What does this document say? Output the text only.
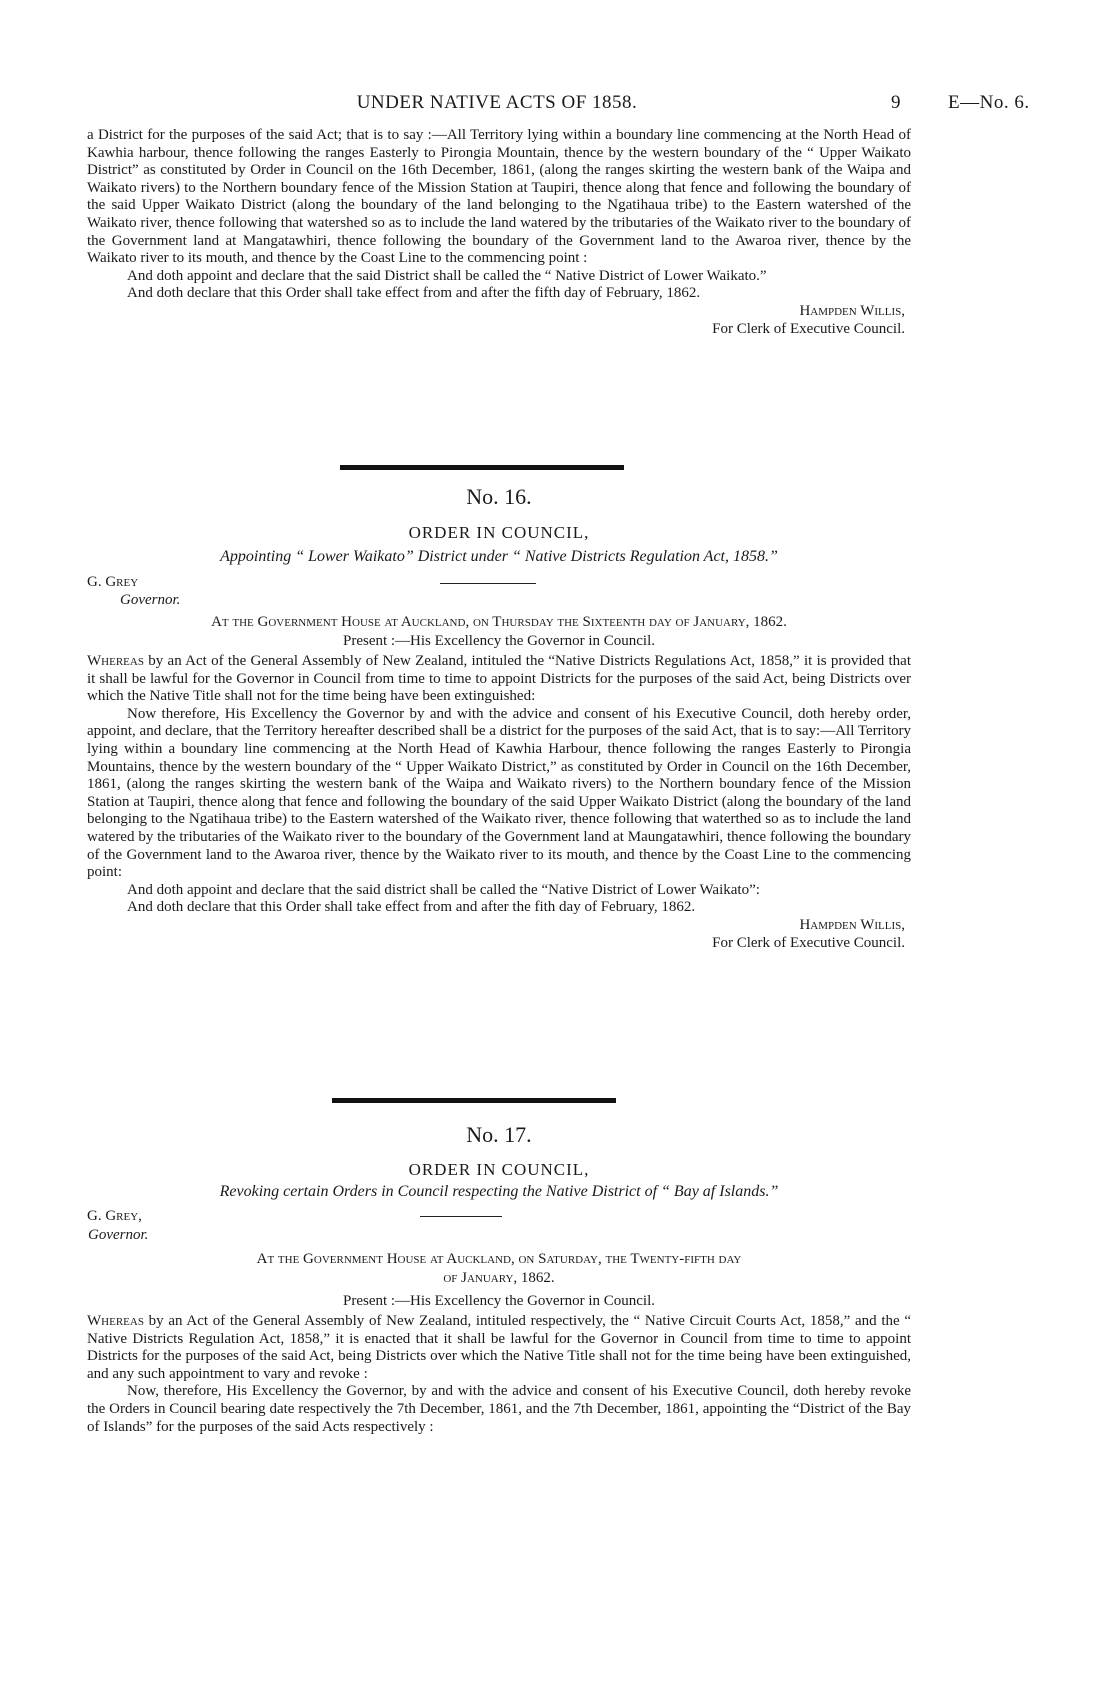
UNDER NATIVE ACTS OF 1858.	9 E—No. 6.

a District for the purposes of the said Act; that is to say :—All Territory lying within a boundary line commencing at the North Head of Kawhia harbour, thence following the ranges Easterly to Pirongia Mountain, thence by the western boundary of the “ Upper Waikato District” as constituted by Order in Council on the 16th December, 1861, (along the ranges skirting the western bank of the Waipa and Waikato rivers) to the Northern boundary fence of the Mission Station at Taupiri, thence along that fence and following the boundary of the said Upper Waikato District (along the boundary of the land belonging to the Ngatihaua tribe) to the Eastern watershed of the Waikato river, thence following that watershed so as to include the land watered by the tributaries of the Waikato river to the boundary of the Government land at Mangatawhiri, thence following the boundary of the Government land to the Awaroa river, thence by the Waikato river to its mouth, and thence by the Coast Line to the commencing point :

And doth appoint and declare that the said District shall be called the “ Native District of Lower Waikato.”

And doth declare that this Order shall take effect from and after the fifth day of February, 1862.

Hampden Willis,

For Clerk of Executive Council.

No. 16.
ORDER IN COUNCIL,
Appointing “ Lower Waikato” District under “ Native Districts Regulation Act, 1858.”
G. Grey
Governor.
At the Government House at Auckland, on Thursday the Sixteenth day of January, 1862.
Present :—His Excellency the Governor in Council.

Whereas by an Act of the General Assembly of New Zealand, intituled the “Native Districts Regulations Act, 1858,” it is provided that it shall be lawful for the Governor in Council from time to time to appoint Districts for the purposes of the said Act, being Districts over which the Native Title shall not for the time being have been extinguished:

Now therefore, His Excellency the Governor by and with the advice and consent of his Executive Council, doth hereby order, appoint, and declare, that the Territory hereafter described shall be a district for the purposes of the said Act, that is to say:—All Territory lying within a boundary line commencing at the North Head of Kawhia Harbour, thence following the ranges Easterly to Pirongia Mountains, thence by the western boundary of the “ Upper Waikato District,” as constituted by Order in Council on the 16th December, 1861, (along the ranges skirting the western bank of the Waipa and Waikato rivers) to the Northern boundary fence of the Mission Station at Taupiri, thence along that fence and following the boundary of the said Upper Waikato District (along the boundary of the land belonging to the Ngatihaua tribe) to the Eastern watershed of the Waikato river, thence following that waterthed so as to include the land watered by the tributaries of the Waikato river to the boundary of the Government land at Maungatawhiri, thence following the boundary of the Government land to the Awaroa river, thence by the Waikato river to its mouth, and thence by the Coast Line to the commencing point:

And doth appoint and declare that the said district shall be called the “Native District of Lower Waikato”:

And doth declare that this Order shall take effect from and after the fith day of February, 1862.

Hampden Willis,

For Clerk of Executive Council.

No. 17.
ORDER IN COUNCIL,
Revoking certain Orders in Council respecting the Native District of “ Bay af Islands.”
G. Grey,
Governor.
At the Government House at Auckland, on Saturday, the Twenty-fifth day
of January, 1862.
Present :—His Excellency the Governor in Council.

Whereas by an Act of the General Assembly of New Zealand, intituled respectively, the “ Native Circuit Courts Act, 1858,” and the “ Native Districts Regulation Act, 1858,” it is enacted that it shall be lawful for the Governor in Council from time to time to appoint Districts for the purposes of the said Act, being Districts over which the Native Title shall not for the time being have been extinguished, and any such appointment to vary and revoke :

Now, therefore, His Excellency the Governor, by and with the advice and consent of his Executive Council, doth hereby revoke the Orders in Council bearing date respectively the 7th December, 1861, and the 7th December, 1861, appointing the “District of the Bay of Islands” for the purposes of the said Acts respectively :
